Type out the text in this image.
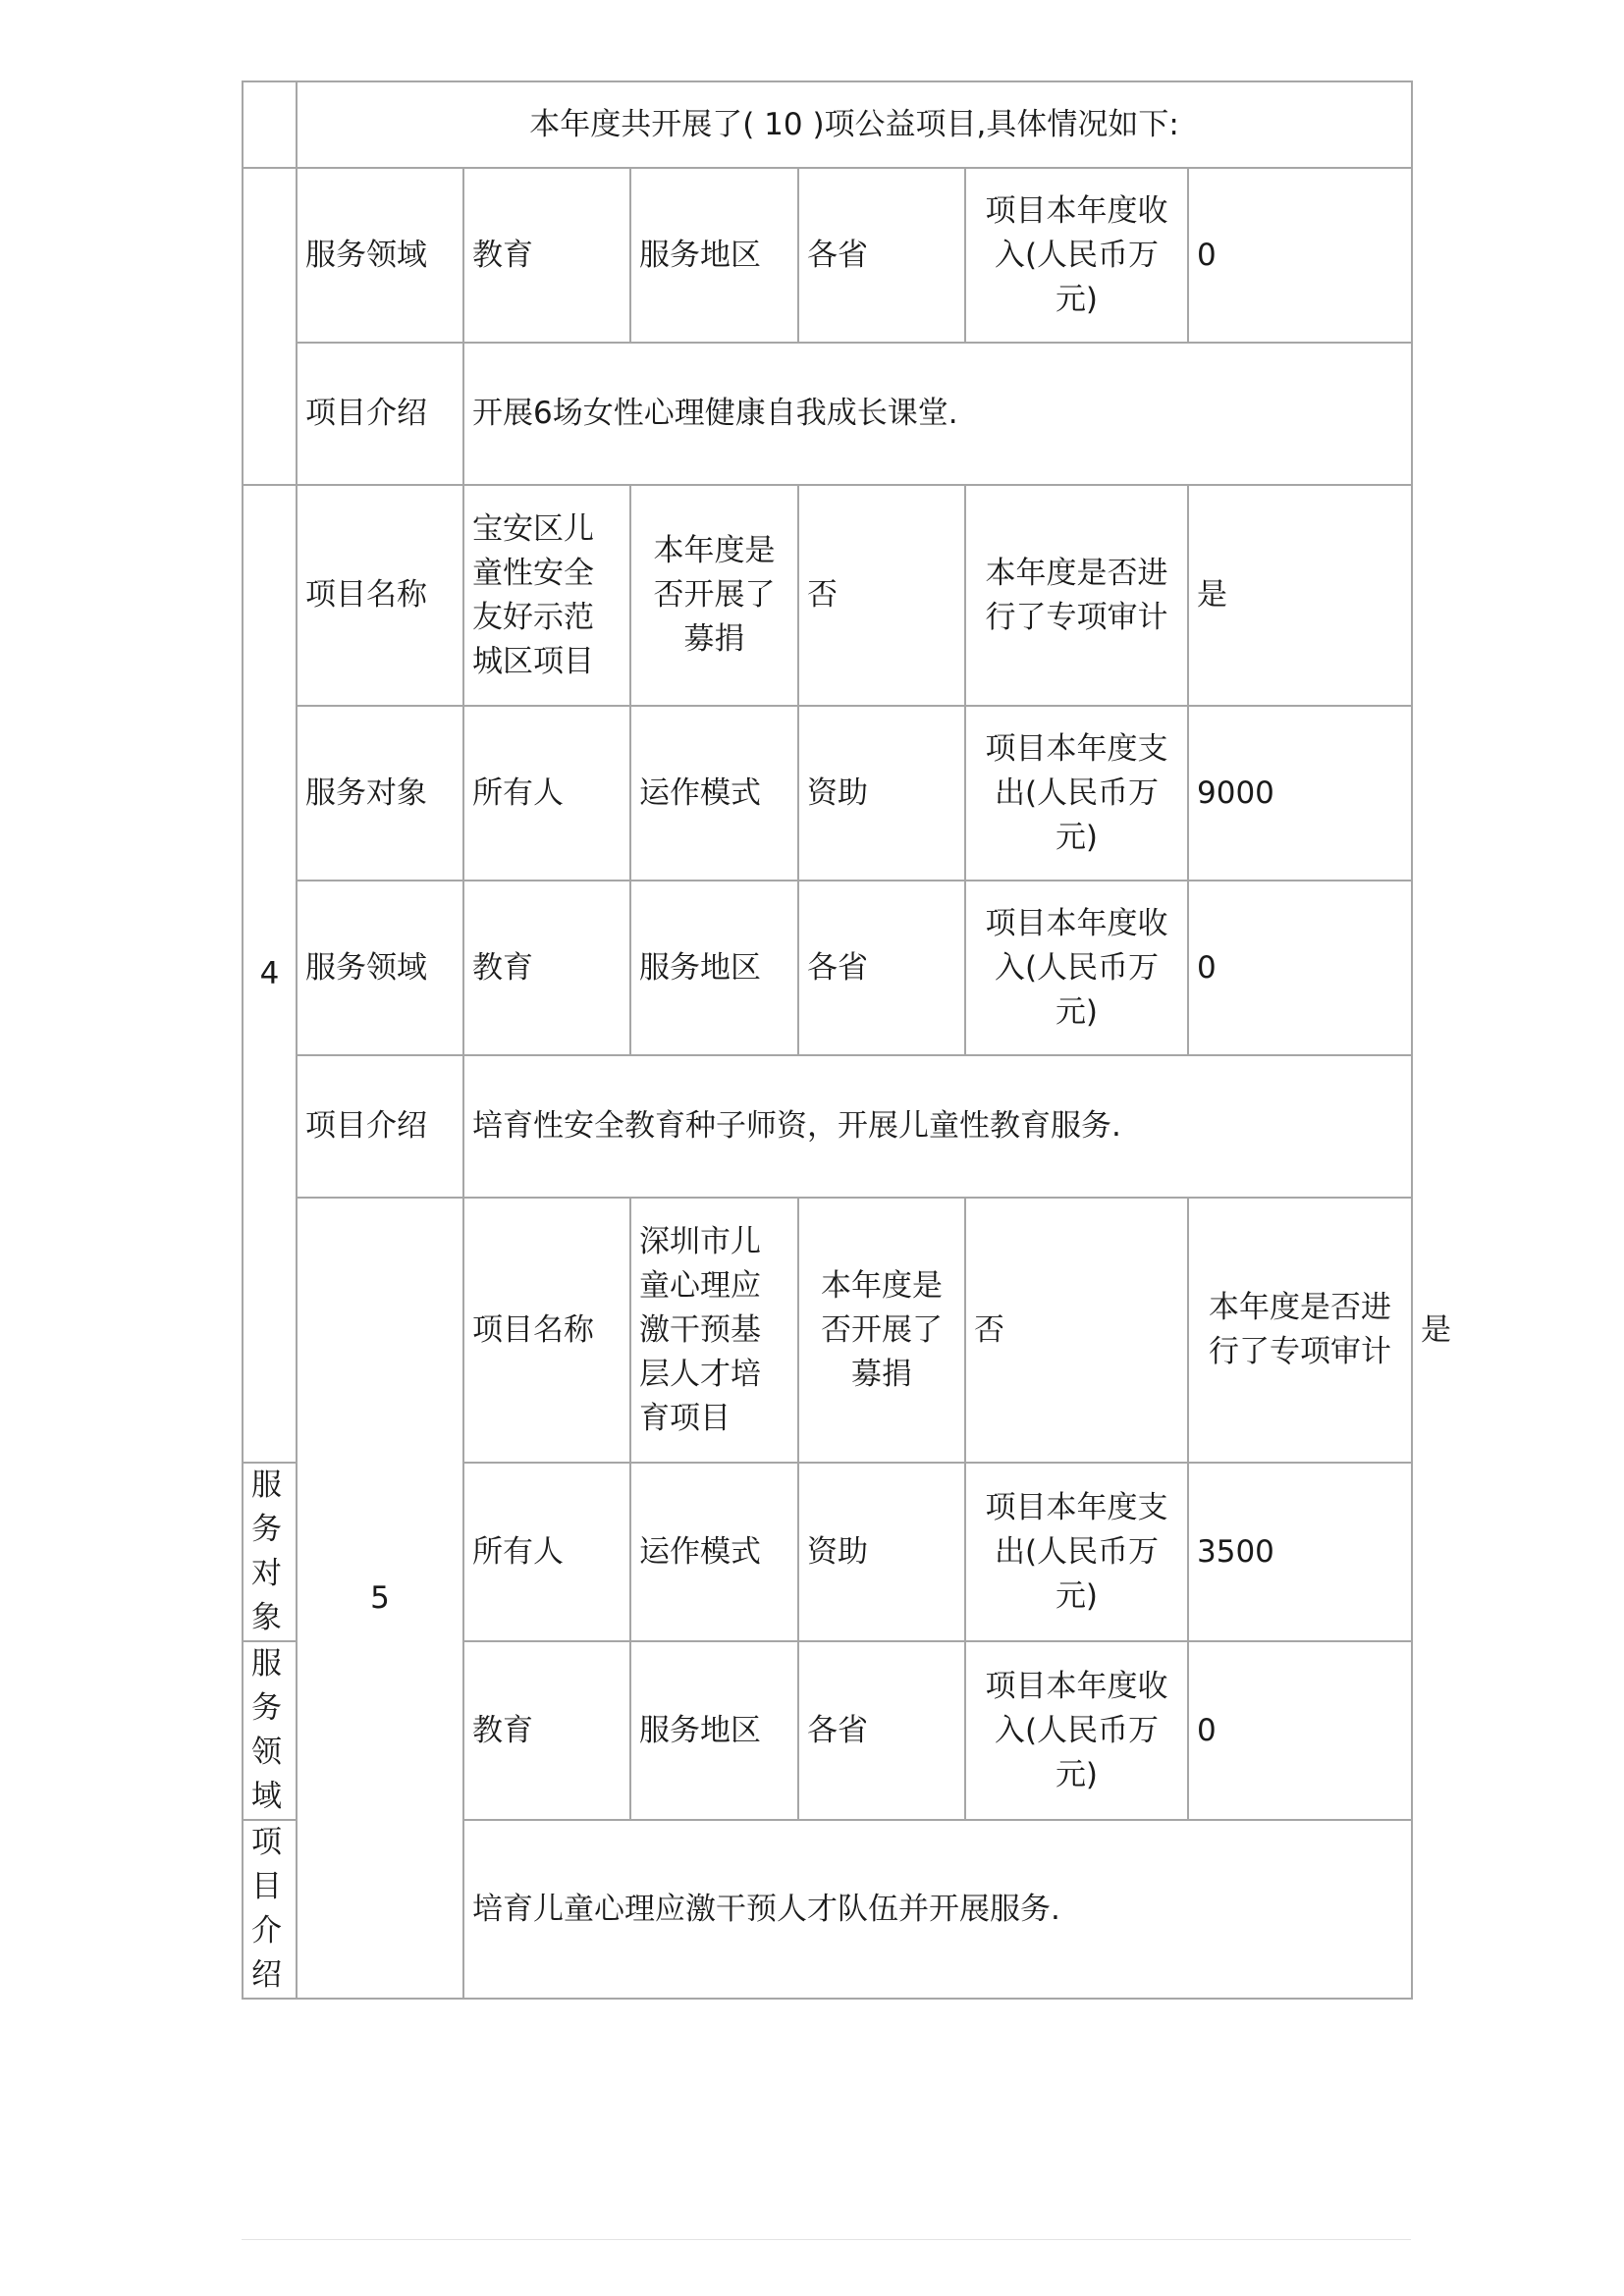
	本年度共开展了( 10 )项公益项目,具体情况如下:						
	服务领域	教育	服务地区	各省	项目本年度收入(人民币万元)	0	
	项目介绍	开展6场女性心理健康自我成长课堂.					
4	项目名称	宝安区儿童性安全友好示范城区项目	本年度是否开展了募捐	否	本年度是否进行了专项审计	是	
	服务对象	所有人	运作模式	资助	项目本年度支出(人民币万元)	9000	
	服务领域	教育	服务地区	各省	项目本年度收入(人民币万元)	0	
	项目介绍	培育性安全教育种子师资，开展儿童性教育服务.					
	5	项目名称	深圳市儿童心理应激干预基层人才培育项目	本年度是否开展了募捐	否	本年度是否进行了专项审计	是
服务对象		所有人	运作模式	资助	项目本年度支出(人民币万元)	3500	
服务领域		教育	服务地区	各省	项目本年度收入(人民币万元)	0	
项目介绍		培育儿童心理应激干预人才队伍并开展服务.					
